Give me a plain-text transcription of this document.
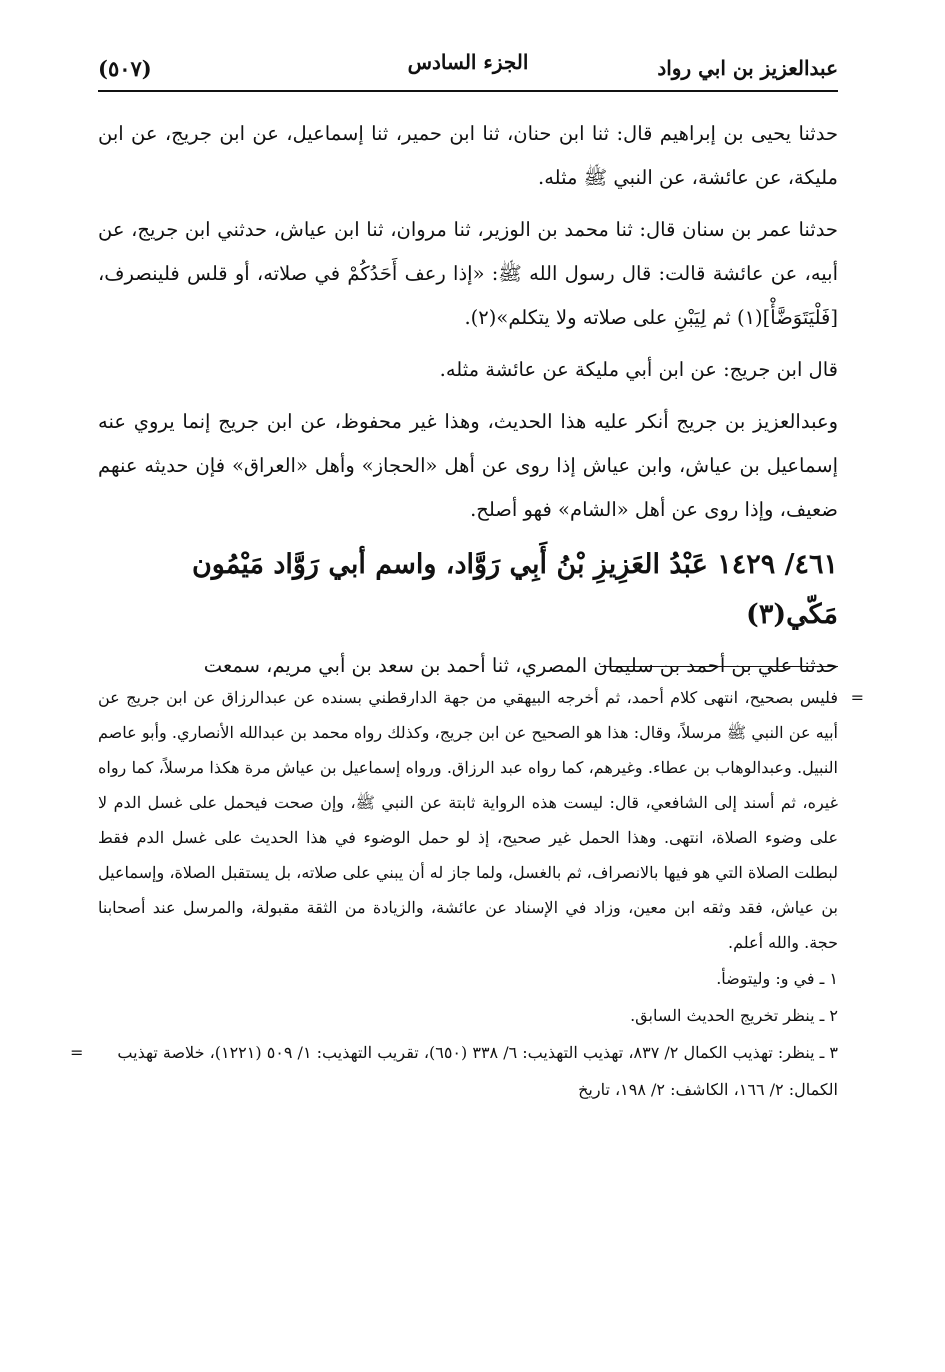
عبدالعزيز بن ابي رواد
الجزء السادس
(٥٠٧)

حدثنا يحيى بن إبراهيم قال: ثنا ابن حنان، ثنا ابن حمير، ثنا إسماعيل، عن ابن جريج، عن ابن مليكة، عن عائشة، عن النبي ﷺ مثله.

حدثنا عمر بن سنان قال: ثنا محمد بن الوزير، ثنا مروان، ثنا ابن عياش، حدثني ابن جريج، عن أبيه، عن عائشة قالت: قال رسول الله ﷺ: «إذا رعف أَحَدُكُمْ في صلاته، أو قلس فلينصرف، [فَلْيَتَوَضَّأْ](١) ثم لِيَبْنِ على صلاته ولا يتكلم»(٢).

قال ابن جريج: عن ابن أبي مليكة عن عائشة مثله.

وعبدالعزيز بن جريج أنكر عليه هذا الحديث، وهذا غير محفوظ، عن ابن جريج إنما يروي عنه إسماعيل بن عياش، وابن عياش إذا روى عن أهل «الحجاز» وأهل «العراق» فإن حديثه عنهم ضعيف، وإذا روى عن أهل «الشام» فهو أصلح.

٤٦١/ ١٤٢٩ عَبْدُ العَزِيزِ بْنُ أَبِي رَوَّاد، واسم أبي رَوَّاد مَيْمُون مَكّي(٣)

حدثنا علي بن أحمد بن سليمان المصري، ثنا أحمد بن سعد بن أبي مريم، سمعت

=
فليس بصحيح، انتهى كلام أحمد، ثم أخرجه البيهقي من جهة الدارقطني بسنده عن عبدالرزاق عن ابن جريج عن أبيه عن النبي ﷺ مرسلاً، وقال: هذا هو الصحيح عن ابن جريج، وكذلك رواه محمد بن عبدالله الأنصاري. وأبو عاصم النبيل. وعبدالوهاب بن عطاء. وغيرهم، كما رواه عبد الرزاق. ورواه إسماعيل بن عياش مرة هكذا مرسلاً، كما رواه غيره، ثم أسند إلى الشافعي، قال: ليست هذه الرواية ثابتة عن النبي ﷺ، وإن صحت فيحمل على غسل الدم لا على وضوء الصلاة، انتهى. وهذا الحمل غير صحيح، إذ لو حمل الوضوء في هذا الحديث على غسل الدم فقط لبطلت الصلاة التي هو فيها بالانصراف، ثم بالغسل، ولما جاز له أن يبني على صلاته، بل يستقبل الصلاة، وإسماعيل بن عياش، فقد وثقه ابن معين، وزاد في الإسناد عن عائشة، والزيادة من الثقة مقبولة، والمرسل عند أصحابنا حجة. والله أعلم.

١ ـ في و: وليتوضأ.

٢ ـ ينظر تخريج الحديث السابق.

٣ ـ ينظر: تهذيب الكمال ٢/ ٨٣٧، تهذيب التهذيب: ٦/ ٣٣٨ (٦٥٠)، تقريب التهذيب: ١/ ٥٠٩ (١٢٢١)، خلاصة تهذيب الكمال: ٢/ ١٦٦، الكاشف: ٢/ ١٩٨، تاريخ
=
